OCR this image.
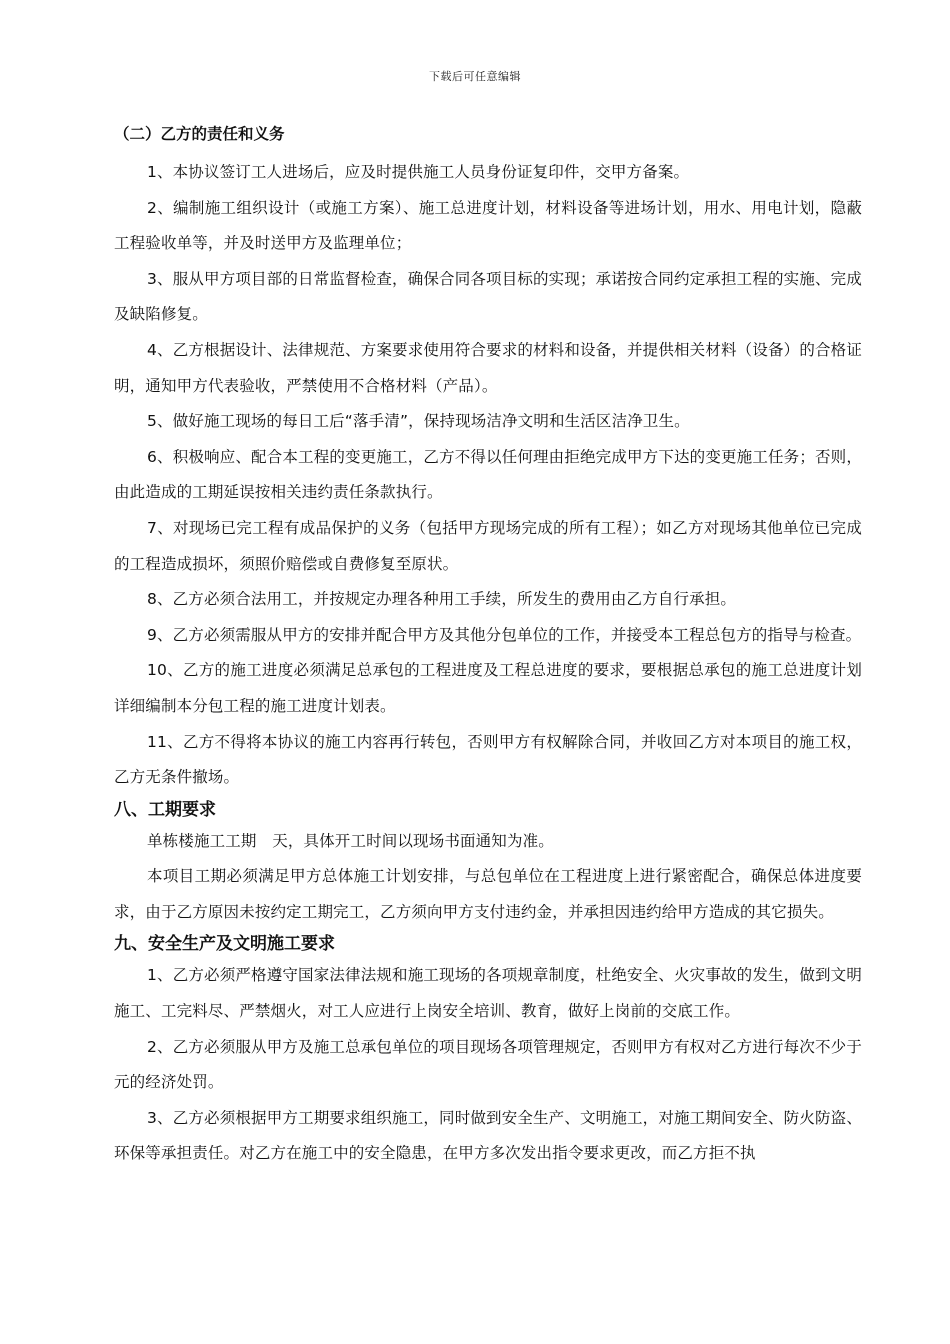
下载后可任意编辑
（二）乙方的责任和义务

1、本协议签订工人进场后，应及时提供施工人员身份证复印件，交甲方备案。

2、编制施工组织设计（或施工方案）、施工总进度计划，材料设备等进场计划，用水、用电计划，隐蔽工程验收单等，并及时送甲方及监理单位；

3、服从甲方项目部的日常监督检查，确保合同各项目标的实现；承诺按合同约定承担工程的实施、完成及缺陷修复。

4、乙方根据设计、法律规范、方案要求使用符合要求的材料和设备，并提供相关材料（设备）的合格证明，通知甲方代表验收，严禁使用不合格材料（产品）。

5、做好施工现场的每日工后“落手清”，保持现场洁净文明和生活区洁净卫生。

6、积极响应、配合本工程的变更施工，乙方不得以任何理由拒绝完成甲方下达的变更施工任务；否则，由此造成的工期延误按相关违约责任条款执行。

7、对现场已完工程有成品保护的义务（包括甲方现场完成的所有工程）；如乙方对现场其他单位已完成的工程造成损坏，须照价赔偿或自费修复至原状。

8、乙方必须合法用工，并按规定办理各种用工手续，所发生的费用由乙方自行承担。

9、乙方必须需服从甲方的安排并配合甲方及其他分包单位的工作，并接受本工程总包方的指导与检查。

10、乙方的施工进度必须满足总承包的工程进度及工程总进度的要求，要根据总承包的施工总进度计划详细编制本分包工程的施工进度计划表。

11、乙方不得将本协议的施工内容再行转包，否则甲方有权解除合同，并收回乙方对本项目的施工权，乙方无条件撤场。

八、工期要求

单栋楼施工工期　天，具体开工时间以现场书面通知为准。

本项目工期必须满足甲方总体施工计划安排，与总包单位在工程进度上进行紧密配合，确保总体进度要求，由于乙方原因未按约定工期完工，乙方须向甲方支付违约金，并承担因违约给甲方造成的其它损失。

九、安全生产及文明施工要求

1、乙方必须严格遵守国家法律法规和施工现场的各项规章制度，杜绝安全、火灾事故的发生，做到文明施工、工完料尽、严禁烟火，对工人应进行上岗安全培训、教育，做好上岗前的交底工作。

2、乙方必须服从甲方及施工总承包单位的项目现场各项管理规定，否则甲方有权对乙方进行每次不少于　　元的经济处罚。

3、乙方必须根据甲方工期要求组织施工，同时做到安全生产、文明施工，对施工期间安全、防火防盗、环保等承担责任。对乙方在施工中的安全隐患，在甲方多次发出指令要求更改，而乙方拒不执
